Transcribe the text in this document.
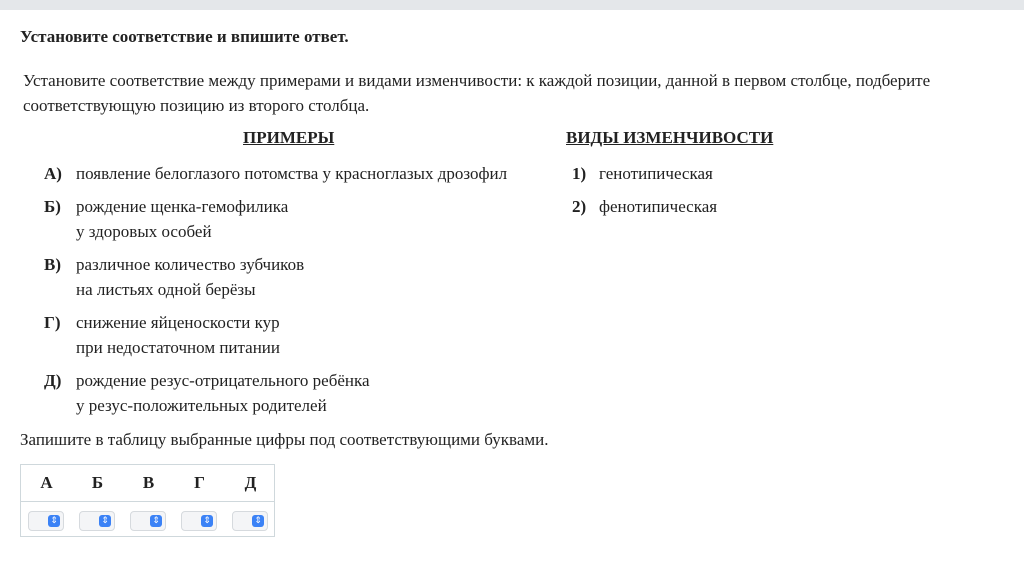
Установите соответствие и впишите ответ.
Установите соответствие между примерами и видами изменчивости: к каждой позиции, данной в первом столбце, подберите соответствующую позицию из второго столбца.
ПРИМЕРЫ	ВИДЫ ИЗМЕНЧИВОСТИ
А) появление белоглазого потомства у красноглазых дрозофил
Б) рождение щенка-гемофилика
у здоровых особей
В) различное количество зубчиков
на листьях одной берёзы
Г) снижение яйценоскости кур
при недостаточном питании
Д) рождение резус-отрицательного ребёнка
у резус-положительных родителей
1) генотипическая
2) фенотипическая
Запишите в таблицу выбранные цифры под соответствующими буквами.
А	Б	В	Г	Д
⇕	⇕	⇕	⇕	⇕
